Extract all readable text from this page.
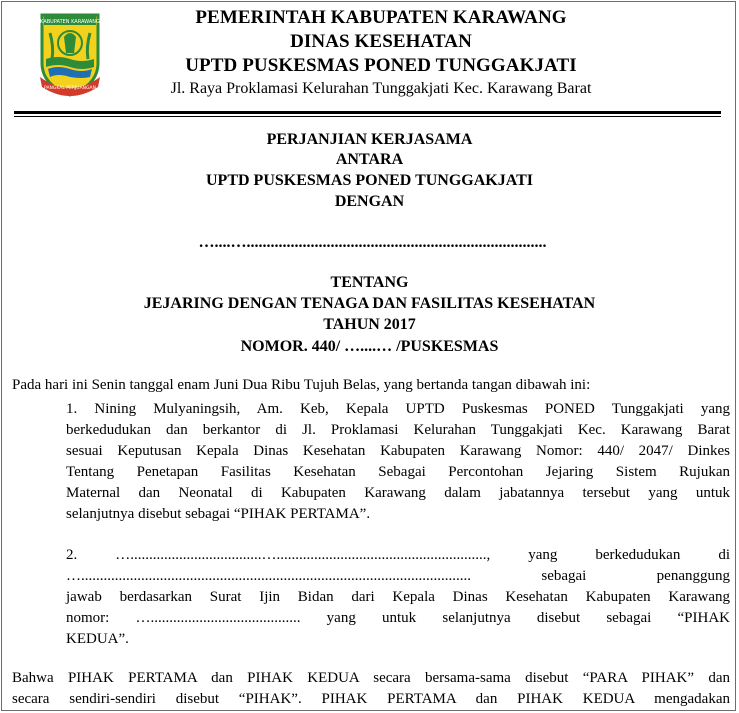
KABUPATEN KARAWANG
PANGKAL PERJUANGAN
PEMERINTAH KABUPATEN KARAWANG
DINAS KESEHATAN
UPTD PUSKESMAS PONED TUNGGAKJATI
Jl. Raya Proklamasi Kelurahan Tunggakjati Kec. Karawang Barat
PERJANJIAN KERJASAMA
ANTARA
UPTD PUSKESMAS PONED TUNGGAKJATI
DENGAN
…....…...........................................................................
TENTANG
JEJARING DENGAN TENAGA DAN FASILITAS KESEHATAN
TAHUN 2017
NOMOR. 440/ …....… /PUSKESMAS
Pada hari ini Senin tanggal enam Juni Dua Ribu Tujuh Belas, yang bertanda tangan dibawah ini:
1. Nining Mulyaningsih, Am. Keb, Kepala UPTD Puskesmas PONED Tunggakjati yang
berkedudukan dan berkantor di Jl. Proklamasi Kelurahan Tunggakjati Kec. Karawang Barat
sesuai Keputusan Kepala Dinas Kesehatan Kabupaten Karawang Nomor: 440/ 2047/ Dinkes
Tentang Penetapan Fasilitas Kesehatan Sebagai Percontohan Jejaring Sistem Rujukan
Maternal dan Neonatal di Kabupaten Karawang dalam jabatannya tersebut yang untuk
selanjutnya disebut sebagai “PIHAK PERTAMA”.
2. …...................................…........................................................, yang berkedudukan di
…........................................................................................................ sebagai penanggung
jawab berdasarkan Surat Ijin Bidan dari Kepala Dinas Kesehatan Kabupaten Karawang
nomor: …........................................ yang untuk selanjutnya disebut sebagai “PIHAK
KEDUA”.
Bahwa PIHAK PERTAMA dan PIHAK KEDUA secara bersama-sama disebut “PARA PIHAK” dan
secara sendiri-sendiri disebut “PIHAK”. PIHAK PERTAMA dan PIHAK KEDUA mengadakan
